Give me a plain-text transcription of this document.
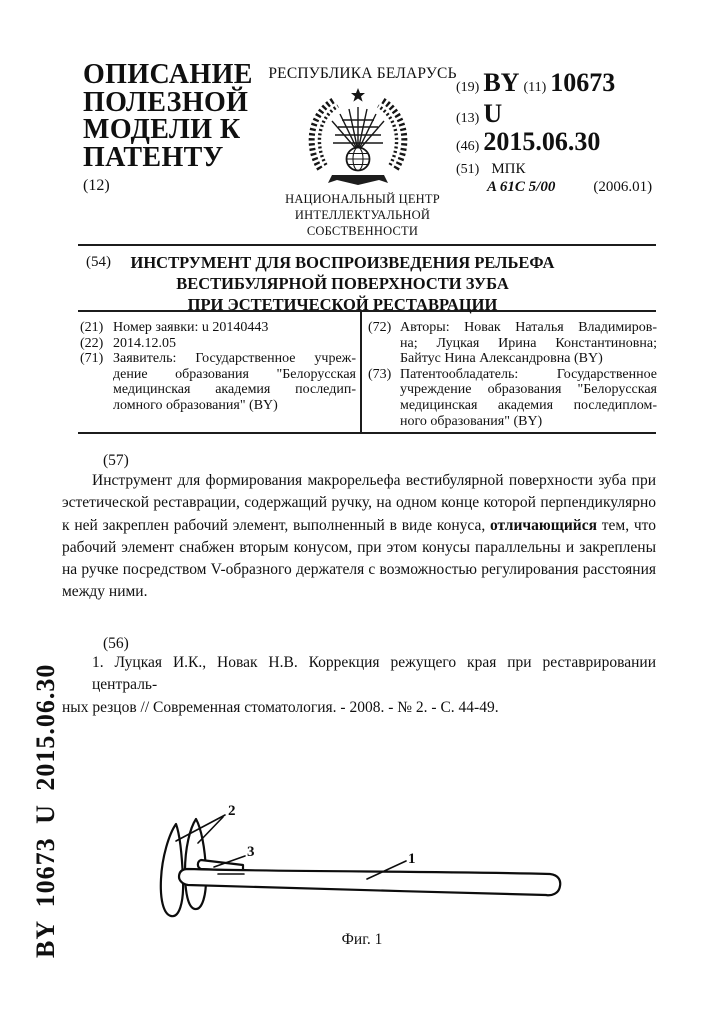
ОПИСАНИЕ
ПОЛЕЗНОЙ
МОДЕЛИ К
ПАТЕНТУ
(12)
РЕСПУБЛИКА БЕЛАРУСЬ
НАЦИОНАЛЬНЫЙ ЦЕНТР
ИНТЕЛЛЕКТУАЛЬНОЙ
СОБСТВЕННОСТИ
(19) BY (11) 10673
(13) U
(46) 2015.06.30
(51) МПК
A 61C 5/00	(2006.01)
(54)	ИНСТРУМЕНТ ДЛЯ ВОСПРОИЗВЕДЕНИЯ РЕЛЬЕФА
ВЕСТИБУЛЯРНОЙ ПОВЕРХНОСТИ ЗУБА
ПРИ ЭСТЕТИЧЕСКОЙ РЕСТАВРАЦИИ
(21) Номер заявки: u 20140443
(22) 2014.12.05
(71) Заявитель: Государственное учреж-
дение образования "Белорусская
медицинская академия последип-
ломного образования" (BY)
(72) Авторы: Новак Наталья Владимиров-
на; Луцкая Ирина Константиновна;
Байтус Нина Александровна (BY)
(73) Патентообладатель: Государственное
учреждение образования "Белорусская
медицинская академия последиплом-
ного образования" (BY)
(57)
Инструмент для формирования макрорельефа вестибулярной поверхности зуба при
эстетической реставрации, содержащий ручку, на одном конце которой перпендикулярно
к ней закреплен рабочий элемент, выполненный в виде конуса, отличающийся тем, что
рабочий элемент снабжен вторым конусом, при этом конусы параллельны и закреплены
на ручке посредством V-образного держателя с возможностью регулирования расстояния
между ними.
(56)
1. Луцкая И.К., Новак Н.В. Коррекция режущего края при реставрировании централь-
ных резцов // Современная стоматология. - 2008. - № 2. - С. 44-49.
BY 10673 U 2015.06.30	2
3	1
Фиг. 1
